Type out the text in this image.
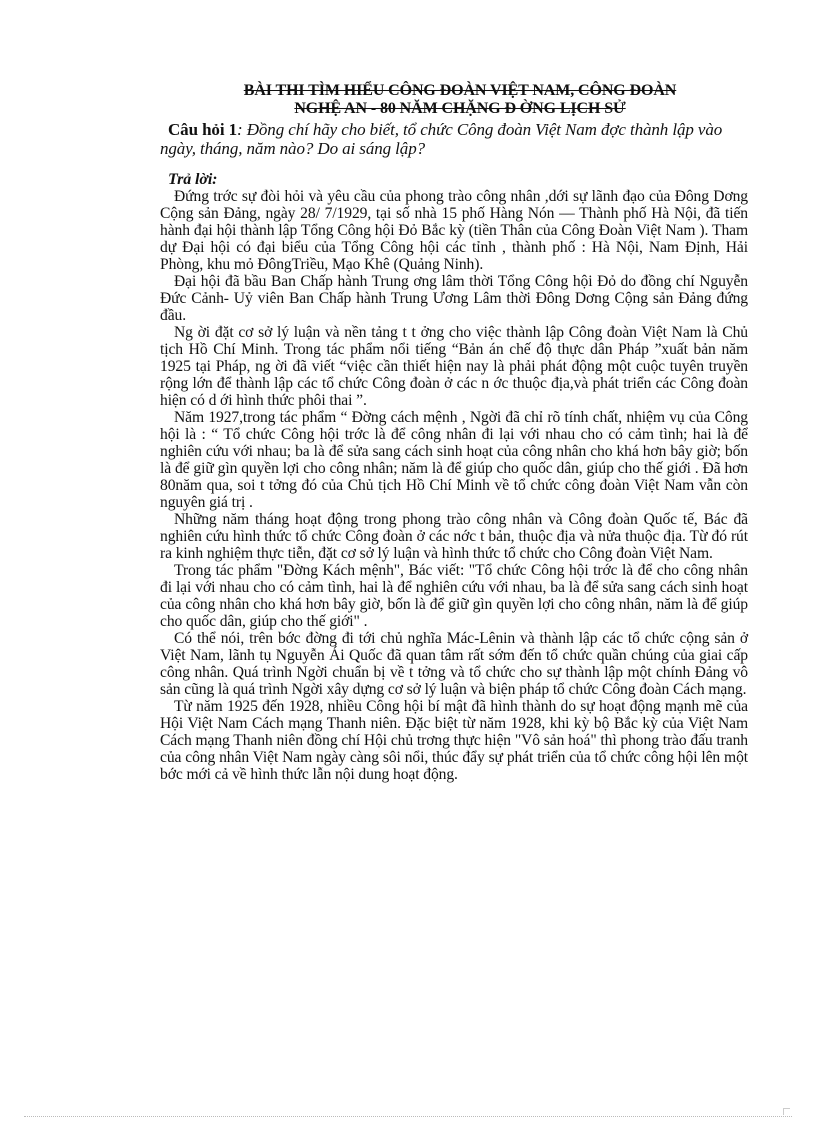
BÀI THI TÌM HIỂU CÔNG ĐOÀN VIỆT NAM, CÔNG ĐOÀN
NGHỆ AN - 80 NĂM CHẶNG Đ ỜNG LỊCH SỬ
Câu hỏi 1: Đồng chí hãy cho biết, tổ chức Công đoàn Việt Nam đợc thành lập vào ngày, tháng, năm nào? Do ai sáng lập?
Trả lời:

Đứng trớc sự đòi hỏi và yêu cầu của phong trào công nhân ,dới sự lãnh đạo của Đông Dơng Cộng sản Đảng, ngày 28/ 7/1929, tại số nhà 15 phố Hàng Nón — Thành phố Hà Nội, đã tiến hành đại hội thành lập Tổng Công hội Đỏ Bắc kỳ (tiền Thân của Công Đoàn Việt Nam ). Tham dự Đại hội có đại biểu của Tổng Công hội các tỉnh , thành phố : Hà Nội, Nam Định, Hải Phòng, khu mỏ ĐôngTriều, Mạo Khê (Quảng Ninh).

Đại hội đã bầu Ban Chấp hành Trung ơng lâm thời Tổng Công hội Đỏ do đồng chí Nguyễn Đức Cảnh- Uỷ viên Ban Chấp hành Trung Ương Lâm thời Đông Dơng Cộng sản Đảng đứng đầu.

Ng ời đặt cơ sở lý luận và nền tảng t t ởng cho việc thành lập Công đoàn Việt Nam là Chủ tịch Hồ Chí Minh. Trong tác phẩm nổi tiếng “Bản án chế độ thực dân Pháp ”xuất bản năm 1925 tại Pháp, ng ời đã viết “việc cần thiết hiện nay là phải phát động một cuộc tuyên truyền rộng lớn để thành lập các tổ chức Công đoàn ở các n ớc thuộc địa,và phát triển các Công đoàn hiện có d ới hình thức phôi thai ”.

Năm 1927,trong tác phẩm “ Đờng cách mệnh , Ngời đã chỉ rõ tính chất, nhiệm vụ của Công hội là : “ Tổ chức Công hội trớc là để công nhân đi lại với nhau cho có cảm tình; hai là để nghiên cứu với nhau; ba là để sửa sang cách sinh hoạt của công nhân cho khá hơn bây giờ; bốn là để giữ gìn quyền lợi cho công nhân; năm là để giúp cho quốc dân, giúp cho thế giới . Đã hơn 80năm qua, soi t tởng đó của Chủ tịch Hồ Chí Minh về tổ chức công đoàn Việt Nam vẫn còn nguyên giá trị .

Những năm tháng hoạt động trong phong trào công nhân và Công đoàn Quốc tế, Bác đã nghiên cứu hình thức tổ chức Công đoàn ở các nớc t bản, thuộc địa và nửa thuộc địa. Từ đó rút ra kinh nghiệm thực tiễn, đặt cơ sở lý luận và hình thức tổ chức cho Công đoàn Việt Nam.

Trong tác phẩm "Đờng Kách mệnh", Bác viết: "Tổ chức Công hội trớc là để cho công nhân đi lại với nhau cho có cảm tình, hai là để nghiên cứu với nhau, ba là để sửa sang cách sinh hoạt của công nhân cho khá hơn bây giờ, bốn là để giữ gìn quyền lợi cho công nhân, năm là để giúp cho quốc dân, giúp cho thế giới" .

Có thể nói, trên bớc đờng đi tới chủ nghĩa Mác-Lênin và thành lập các tổ chức cộng sản ở Việt Nam, lãnh tụ Nguyễn Ái Quốc đã quan tâm rất sớm đến tổ chức quần chúng của giai cấp công nhân. Quá trình Ngời chuẩn bị về t tởng và tổ chức cho sự thành lập một chính Đảng vô sản cũng là quá trình Ngời xây dựng cơ sở lý luận và biện pháp tổ chức Công đoàn Cách mạng.

Từ năm 1925 đến 1928, nhiều Công hội bí mật đã hình thành do sự hoạt động mạnh mẽ của Hội Việt Nam Cách mạng Thanh niên. Đặc biệt từ năm 1928, khi kỳ bộ Bắc kỳ của Việt Nam Cách mạng Thanh niên đồng chí Hội chủ trơng thực hiện "Vô sản hoá" thì phong trào đấu tranh của công nhân Việt Nam ngày càng sôi nổi, thúc đẩy sự phát triển của tổ chức công hội lên một bớc mới cả về hình thức lẫn nội dung hoạt động.
